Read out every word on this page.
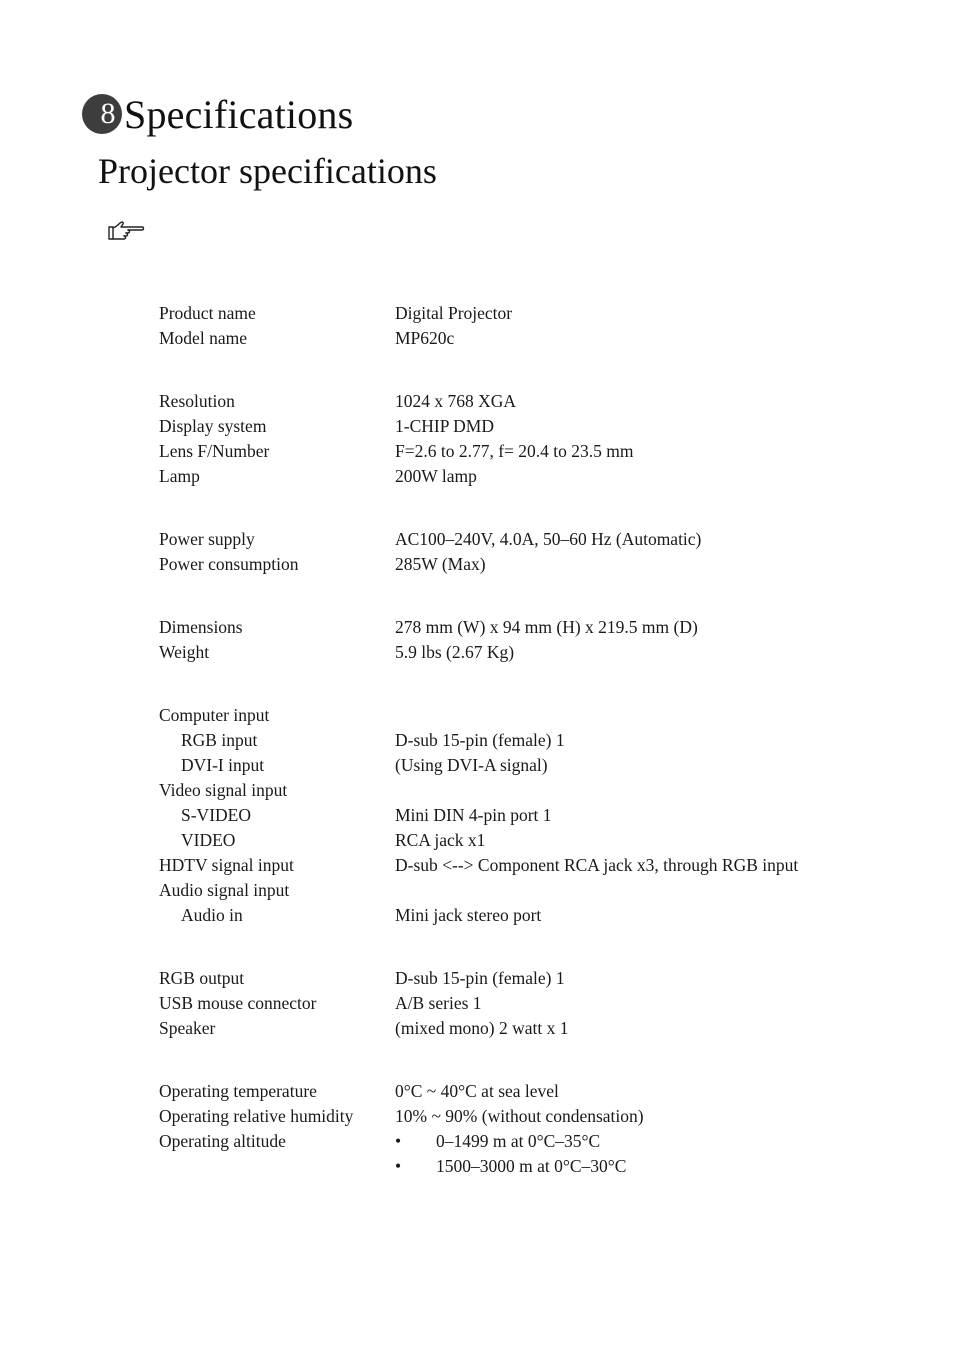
8 Specifications
Projector specifications
Product name	Digital Projector
Model name	MP620c
Resolution	1024 x 768 XGA
Display system	1-CHIP DMD
Lens F/Number	F=2.6 to 2.77, f= 20.4 to 23.5 mm
Lamp	200W lamp
Power supply	AC100–240V, 4.0A, 50–60 Hz (Automatic)
Power consumption	285W (Max)
Dimensions	278 mm (W) x 94 mm (H) x 219.5 mm (D)
Weight	5.9 lbs (2.67 Kg)
Computer input
RGB input	D-sub 15-pin (female) 1
DVI-I input	(Using DVI-A signal)
Video signal input
S-VIDEO	Mini DIN 4-pin port 1
VIDEO	RCA jack x1
HDTV signal input	D-sub <--> Component RCA jack x3, through RGB input
Audio signal input
Audio in	Mini jack stereo port
RGB output	D-sub 15-pin (female) 1
USB mouse connector	A/B series 1
Speaker	(mixed mono) 2 watt x 1
Operating temperature	0°C ~ 40°C at sea level
Operating relative humidity	10% ~ 90% (without condensation)
Operating altitude	•	0–1499 m at 0°C–35°C
•	1500–3000 m at 0°C–30°C
